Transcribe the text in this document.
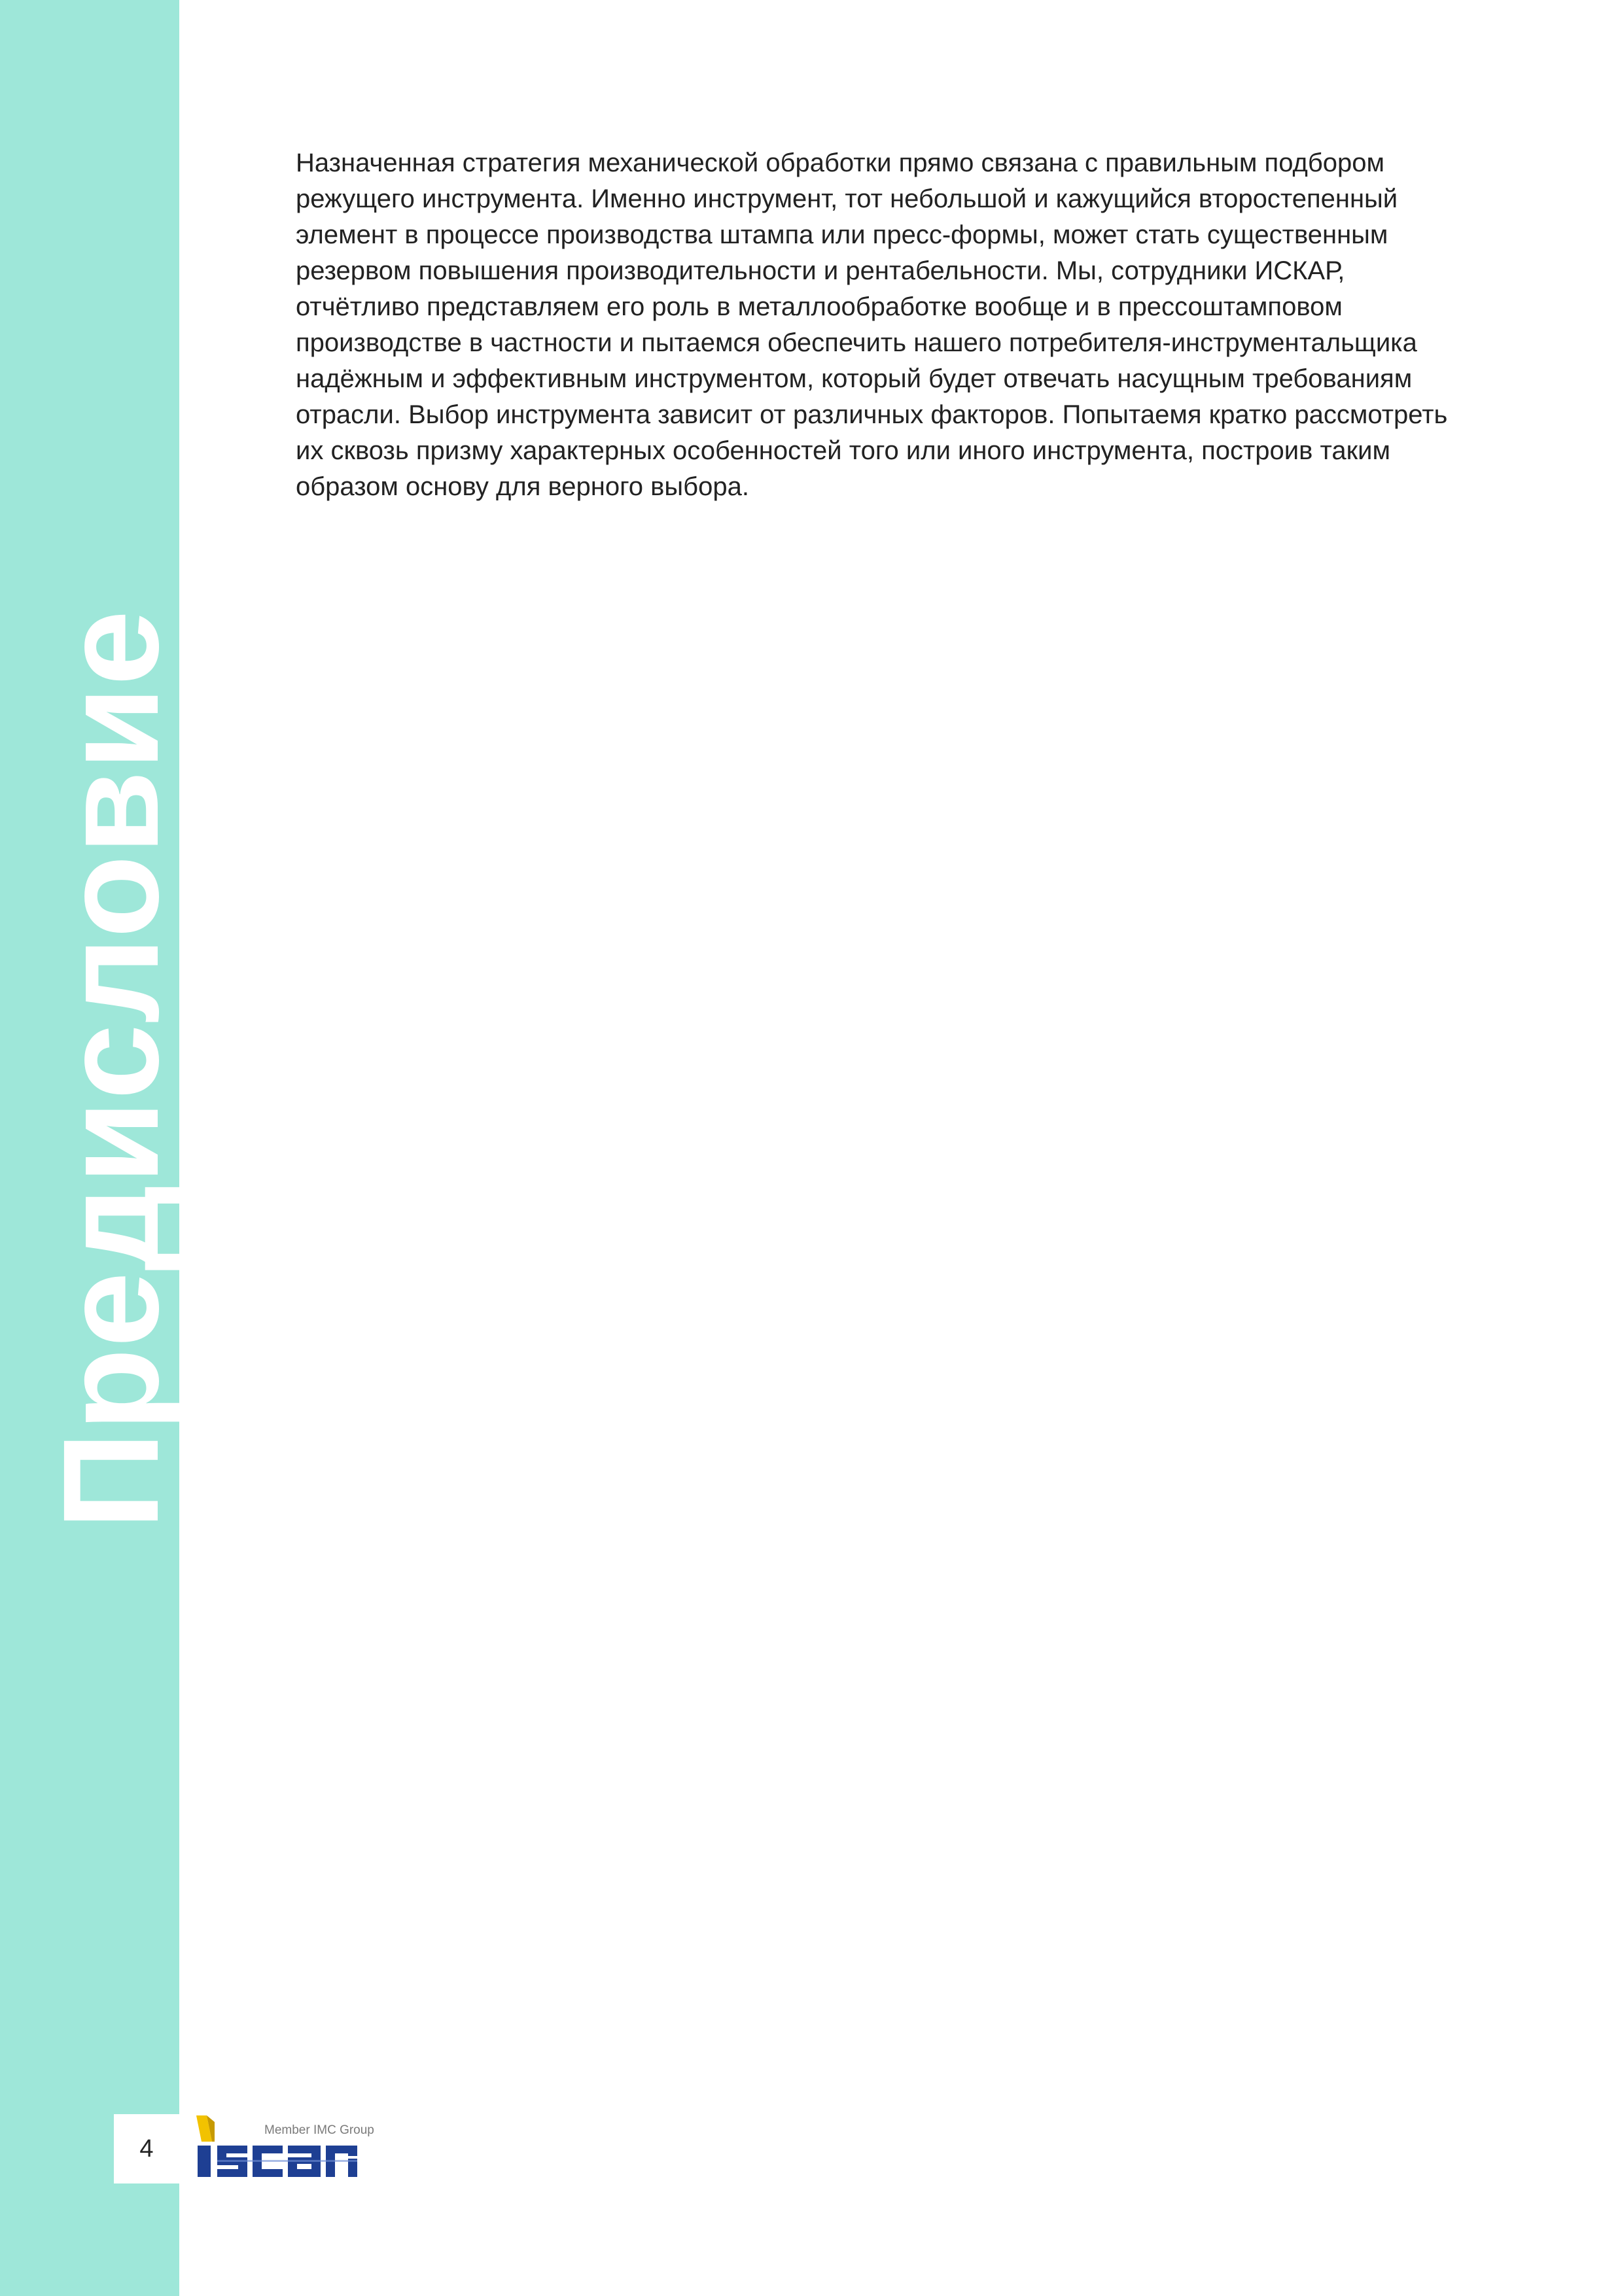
Предисловие

Назначенная стратегия механической обработки прямо связана с правильным подбором
режущего инструмента. Именно инструмент, тот небольшой и кажущийся второстепенный
элемент в процессе производства штампа или пресс-формы, может стать существенным
резервом повышения производительности и рентабельности. Мы, сотрудники ИСКАР,
отчётливо представляем его роль в металлообработке вообще и в прессоштамповом
производстве в частности и пытаемся обеспечить нашего потребителя-инструментальщика
надёжным и эффективным инструментом, который будет отвечать насущным требованиям
отрасли. Выбор инструмента зависит от различных факторов. Попытаемя кратко рассмотреть
их сквозь призму характерных особенностей того или иного инструмента, построив таким
образом основу для верного выбора.

4
Member IMC Group
